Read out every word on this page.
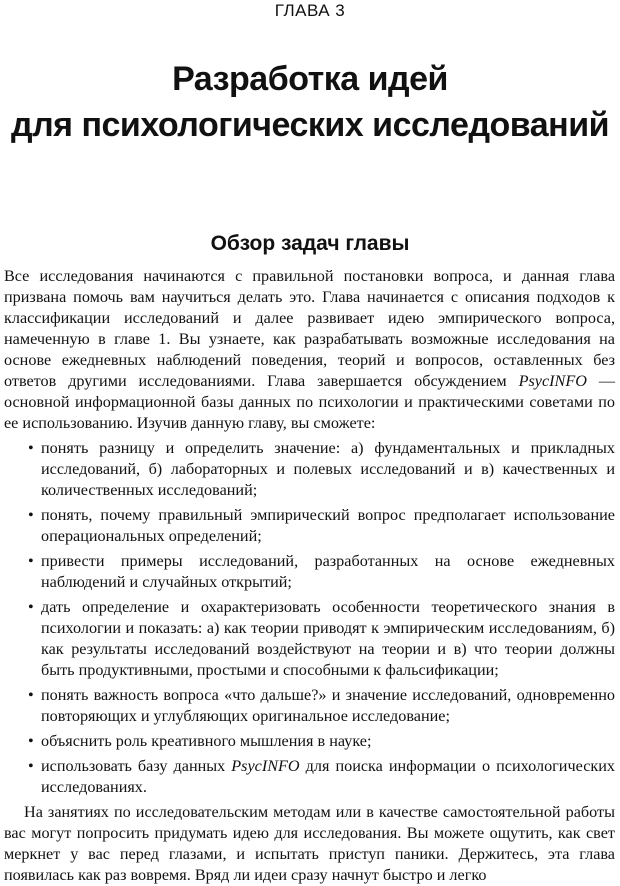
ГЛАВА 3
Разработка идей
для психологических исследований
Обзор задач главы

Все исследования начинаются с правильной постановки вопроса, и данная глава призвана помочь вам научиться делать это. Глава начинается с описания подходов к классификации исследований и далее развивает идею эмпирического вопроса, намеченную в главе 1. Вы узнаете, как разрабатывать возможные исследования на основе ежедневных наблюдений поведения, теорий и вопросов, оставленных без ответов другими исследованиями. Глава завершается обсуждением PsycINFO — основной информационной базы данных по психологии и практическими советами по ее использованию. Изучив данную главу, вы сможете:

• понять разницу и определить значение: а) фундаментальных и прикладных исследований, б) лабораторных и полевых исследований и в) качественных и количественных исследований;
• понять, почему правильный эмпирический вопрос предполагает использование операциональных определений;
• привести примеры исследований, разработанных на основе ежедневных наблюдений и случайных открытий;
• дать определение и охарактеризовать особенности теоретического знания в психологии и показать: а) как теории приводят к эмпирическим исследованиям, б) как результаты исследований воздействуют на теории и в) что теории должны быть продуктивными, простыми и способными к фальсификации;
• понять важность вопроса «что дальше?» и значение исследований, одновременно повторяющих и углубляющих оригинальное исследование;
• объяснить роль креативного мышления в науке;
• использовать базу данных PsycINFO для поиска информации о психологических исследованиях.

На занятиях по исследовательским методам или в качестве самостоятельной работы вас могут попросить придумать идею для исследования. Вы можете ощутить, как свет меркнет у вас перед глазами, и испытать приступ паники. Держитесь, эта глава появилась как раз вовремя. Вряд ли идеи сразу начнут быстро и легко
